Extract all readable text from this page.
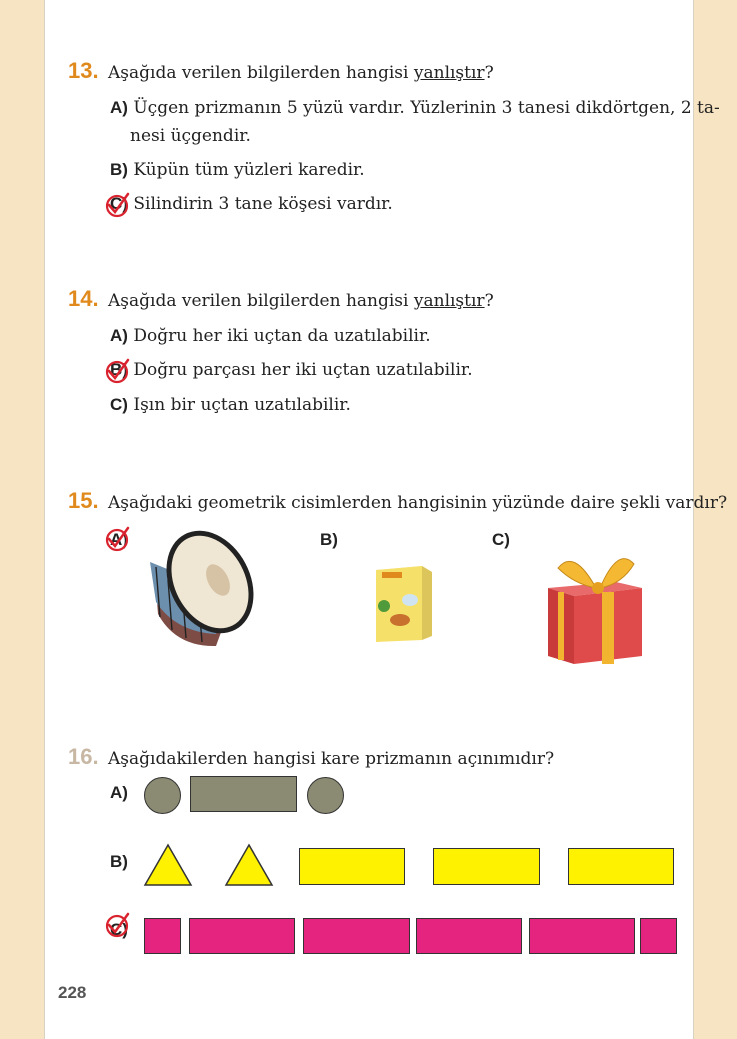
13. Aşağıda verilen bilgilerden hangisi yanlıştır?
A) Üçgen prizmanın 5 yüzü vardır. Yüzlerinin 3 tanesi dikdörtgen, 2 ta-
nesi üçgendir.
B) Küpün tüm yüzleri karedir.
C) Silindirin 3 tane köşesi vardır.
14. Aşağıda verilen bilgilerden hangisi yanlıştır?
A) Doğru her iki uçtan da uzatılabilir.
B) Doğru parçası her iki uçtan uzatılabilir.
C) Işın bir uçtan uzatılabilir.
15. Aşağıdaki geometrik cisimlerden hangisinin yüzünde daire şekli vardır?
A)	B)	C)
16. Aşağıdakilerden hangisi kare prizmanın açınımıdır?
A)
B)
C)
228
